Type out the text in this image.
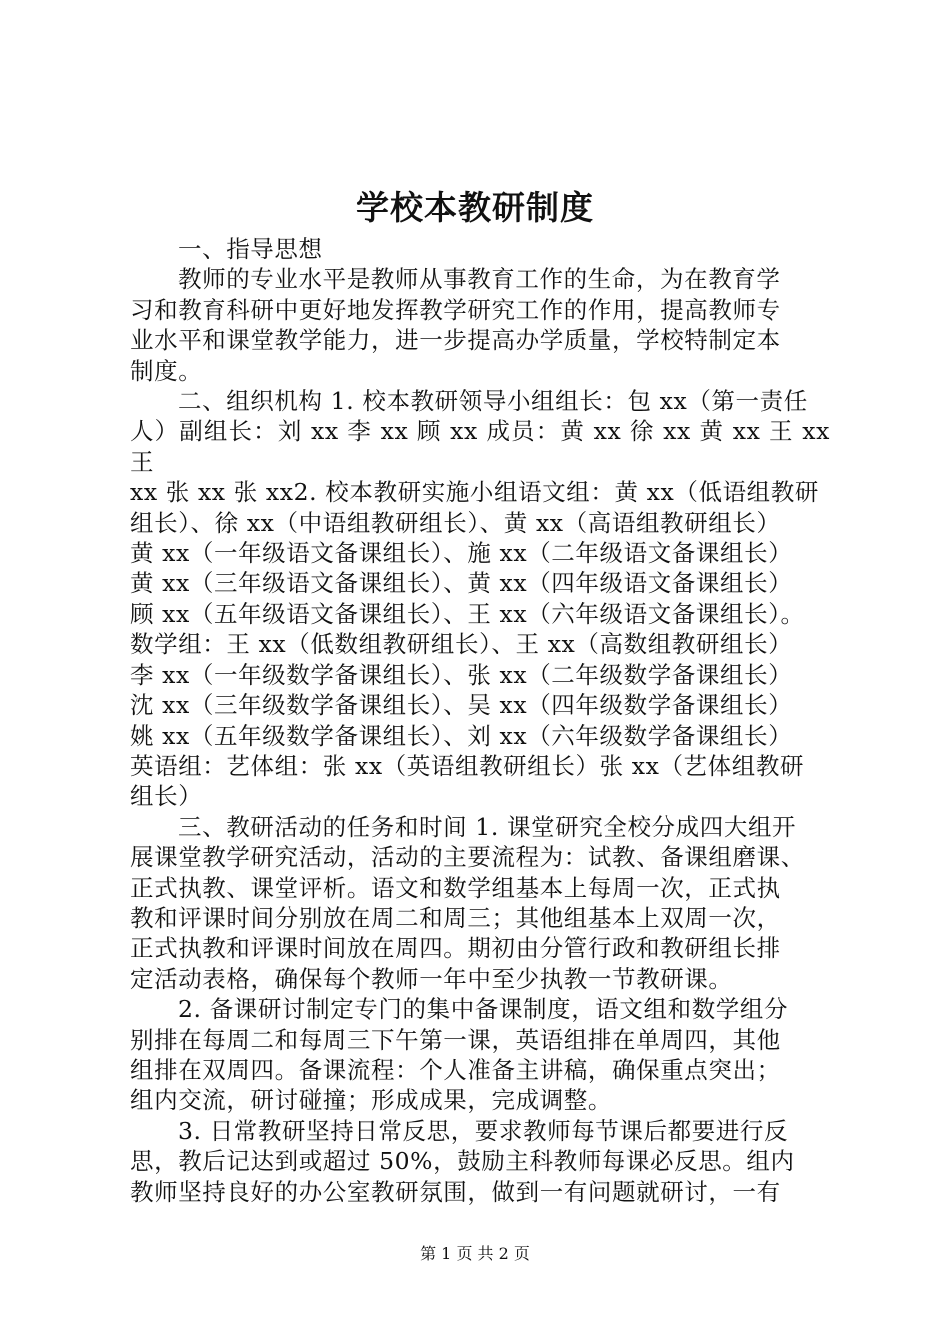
学校本教研制度

一、指导思想

教师的专业水平是教师从事教育工作的生命，为在教育学
习和教育科研中更好地发挥教学研究工作的作用，提高教师专
业水平和课堂教学能力，进一步提高办学质量，学校特制定本
制度。

二、组织机构 1. 校本教研领导小组组长：包 xx（第一责任
人）副组长：刘 xx 李 xx 顾 xx 成员：黄 xx 徐 xx 黄 xx 王 xx 王
xx 张 xx 张 xx2. 校本教研实施小组语文组：黄 xx（低语组教研
组长）、徐 xx（中语组教研组长）、黄 xx（高语组教研组长）
黄 xx（一年级语文备课组长）、施 xx（二年级语文备课组长）
黄 xx（三年级语文备课组长）、黄 xx（四年级语文备课组长）
顾 xx（五年级语文备课组长）、王 xx（六年级语文备课组长）。
数学组：王 xx（低数组教研组长）、王 xx（高数组教研组长）
李 xx（一年级数学备课组长）、张 xx（二年级数学备课组长）
沈 xx（三年级数学备课组长）、吴 xx（四年级数学备课组长）
姚 xx（五年级数学备课组长）、刘 xx（六年级数学备课组长）
英语组：艺体组：张 xx（英语组教研组长）张 xx（艺体组教研
组长）

三、教研活动的任务和时间 1. 课堂研究全校分成四大组开
展课堂教学研究活动，活动的主要流程为：试教、备课组磨课、
正式执教、课堂评析。语文和数学组基本上每周一次，正式执
教和评课时间分别放在周二和周三；其他组基本上双周一次，
正式执教和评课时间放在周四。期初由分管行政和教研组长排
定活动表格，确保每个教师一年中至少执教一节教研课。

2. 备课研讨制定专门的集中备课制度，语文组和数学组分
别排在每周二和每周三下午第一课，英语组排在单周四，其他
组排在双周四。备课流程：个人准备主讲稿，确保重点突出；
组内交流，研讨碰撞；形成成果，完成调整。

3. 日常教研坚持日常反思，要求教师每节课后都要进行反
思，教后记达到或超过 50%，鼓励主科教师每课必反思。组内
教师坚持良好的办公室教研氛围，做到一有问题就研讨，一有

第 1 页 共 2 页
